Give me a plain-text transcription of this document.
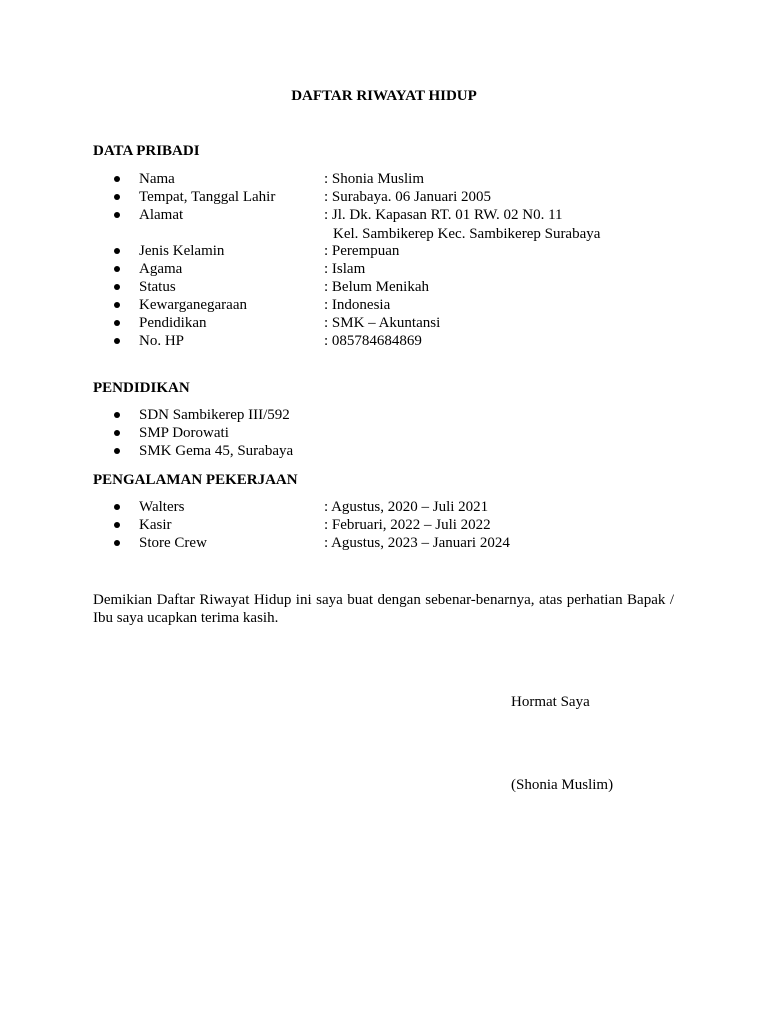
DAFTAR RIWAYAT HIDUP
DATA PRIBADI
Nama	: Shonia Muslim
Tempat, Tanggal Lahir	: Surabaya. 06 Januari 2005
Alamat	: Jl. Dk. Kapasan RT. 01 RW. 02 N0. 11
Kel. Sambikerep Kec. Sambikerep Surabaya
Jenis Kelamin	: Perempuan
Agama	: Islam
Status	: Belum Menikah
Kewarganegaraan	: Indonesia
Pendidikan	: SMK – Akuntansi
No. HP	: 085784684869
PENDIDIKAN
SDN Sambikerep III/592
SMP Dorowati
SMK Gema 45, Surabaya
PENGALAMAN PEKERJAAN
Walters	: Agustus, 2020 – Juli 2021
Kasir	: Februari, 2022 – Juli 2022
Store Crew	: Agustus, 2023 – Januari 2024
Demikian Daftar Riwayat Hidup ini saya buat dengan sebenar-benarnya, atas perhatian Bapak / Ibu saya ucapkan terima kasih.
Hormat Saya
(Shonia Muslim)
